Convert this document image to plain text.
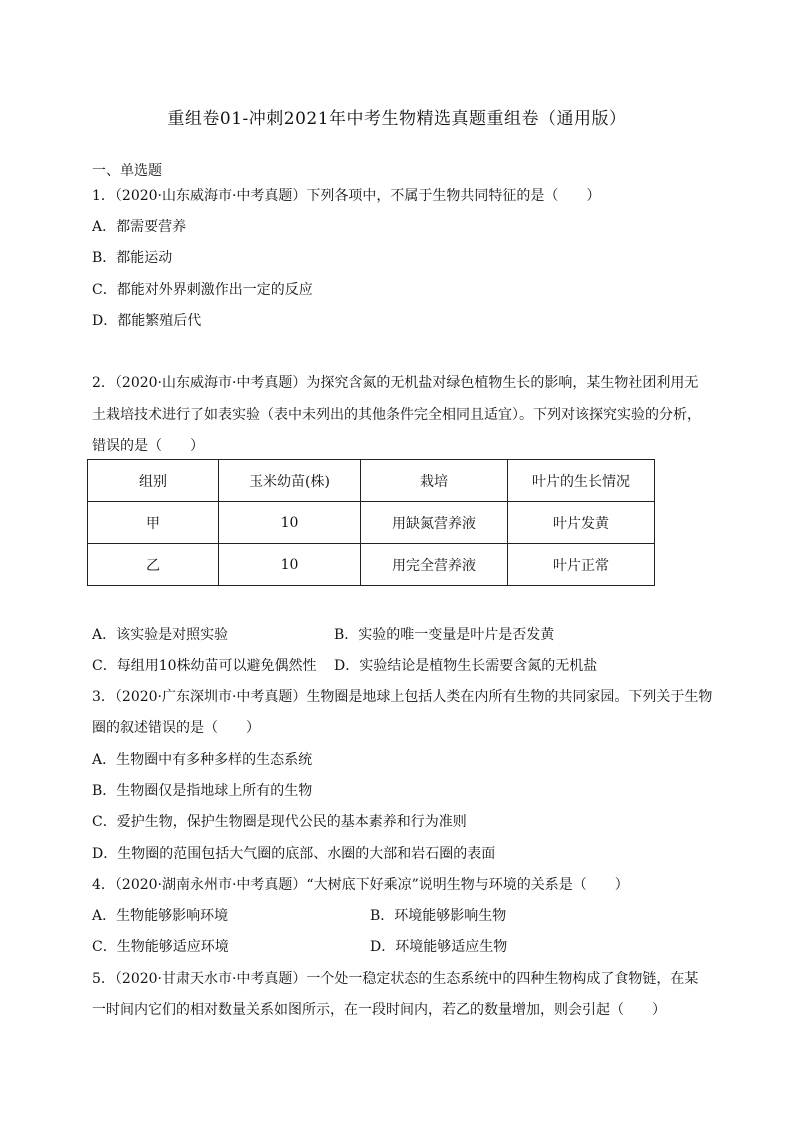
重组卷01-冲刺2021年中考生物精选真题重组卷（通用版）
一、单选题
1．（2020·山东威海市·中考真题）下列各项中，不属于生物共同特征的是（　　）
A．都需要营养
B．都能运动
C．都能对外界刺激作出一定的反应
D．都能繁殖后代
2．（2020·山东威海市·中考真题）为探究含氮的无机盐对绿色植物生长的影响，某生物社团利用无
土栽培技术进行了如表实验（表中未列出的其他条件完全相同且适宜）。下列对该探究实验的分析，
错误的是（　　）
组别	玉米幼苗(株)	栽培	叶片的生长情况
甲	10	用缺氮营养液	叶片发黄
乙	10	用完全营养液	叶片正常
A．该实验是对照实验	B．实验的唯一变量是叶片是否发黄
C．每组用10株幼苗可以避免偶然性 D．实验结论是植物生长需要含氮的无机盐
3．（2020·广东深圳市·中考真题）生物圈是地球上包括人类在内所有生物的共同家园。下列关于生物
圈的叙述错误的是（　　）
A．生物圈中有多种多样的生态系统
B．生物圈仅是指地球上所有的生物
C．爱护生物，保护生物圈是现代公民的基本素养和行为准则
D．生物圈的范围包括大气圈的底部、水圈的大部和岩石圈的表面
4．（2020·湖南永州市·中考真题）“大树底下好乘凉”说明生物与环境的关系是（　　）
A．生物能够影响环境	B．环境能够影响生物
C．生物能够适应环境	D．环境能够适应生物
5．（2020·甘肃天水市·中考真题）一个处一稳定状态的生态系统中的四种生物构成了食物链，在某
一时间内它们的相对数量关系如图所示，在一段时间内，若乙的数量增加，则会引起（　　）
